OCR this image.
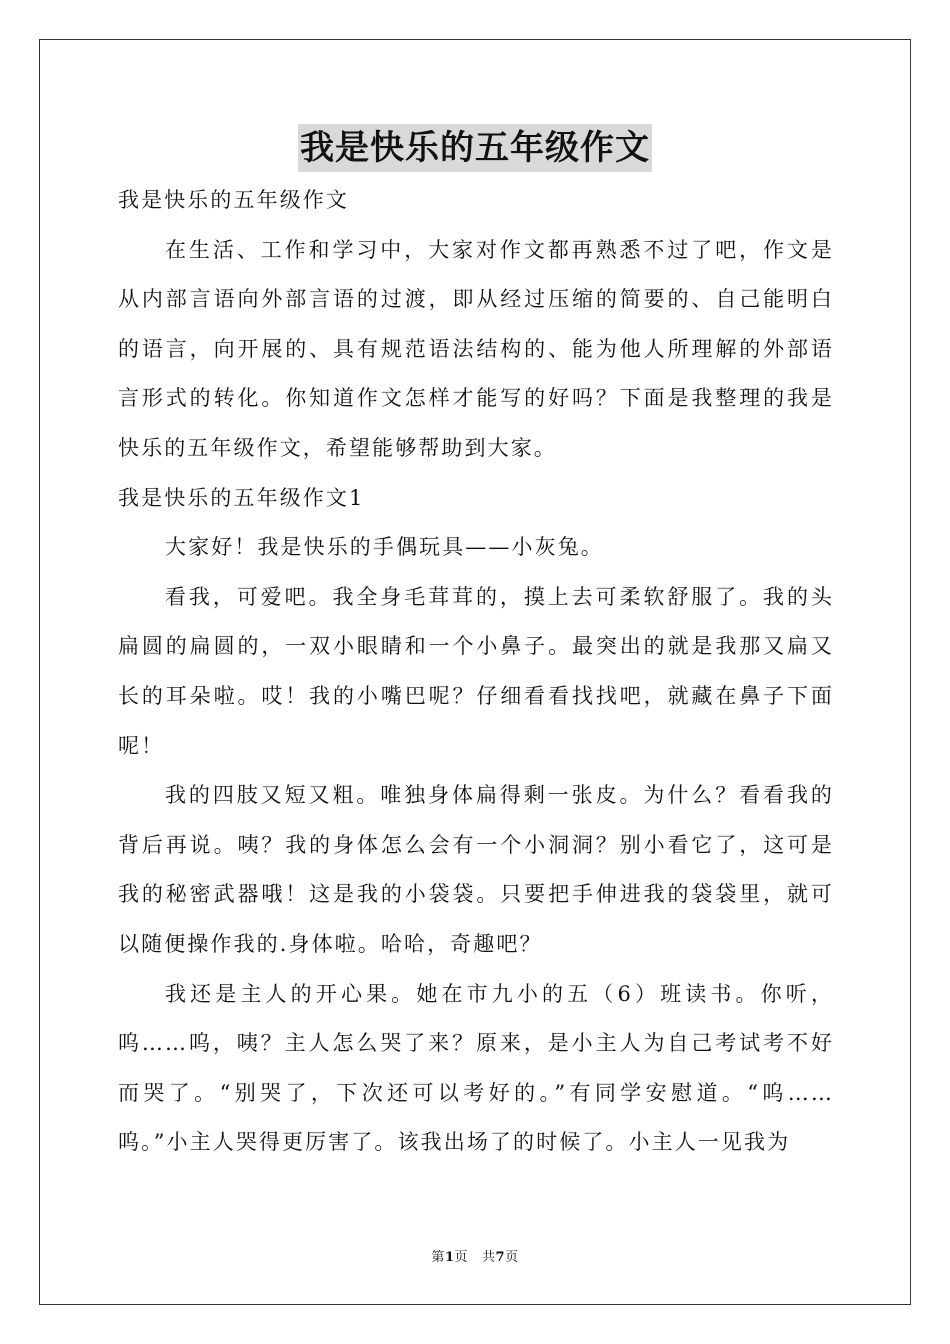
我是快乐的五年级作文

我是快乐的五年级作文

在生活、工作和学习中，大家对作文都再熟悉不过了吧，作文是从内部言语向外部言语的过渡，即从经过压缩的简要的、自己能明白的语言，向开展的、具有规范语法结构的、能为他人所理解的外部语言形式的转化。你知道作文怎样才能写的好吗？下面是我整理的我是快乐的五年级作文，希望能够帮助到大家。

我是快乐的五年级作文1

大家好！我是快乐的手偶玩具——小灰兔。

看我，可爱吧。我全身毛茸茸的，摸上去可柔软舒服了。我的头扁圆的扁圆的，一双小眼睛和一个小鼻子。最突出的就是我那又扁又长的耳朵啦。哎！我的小嘴巴呢？仔细看看找找吧，就藏在鼻子下面呢！

我的四肢又短又粗。唯独身体扁得剩一张皮。为什么？看看我的背后再说。咦？我的身体怎么会有一个小洞洞？别小看它了，这可是我的秘密武器哦！这是我的小袋袋。只要把手伸进我的袋袋里，就可以随便操作我的.身体啦。哈哈，奇趣吧？

我还是主人的开心果。她在市九小的五（6）班读书。你听，呜……呜，咦？主人怎么哭了来？原来，是小主人为自己考试考不好而哭了。“别哭了，下次还可以考好的。”有同学安慰道。“呜……呜。”小主人哭得更厉害了。该我出场了的时候了。小主人一见我为

第1页 共7页
